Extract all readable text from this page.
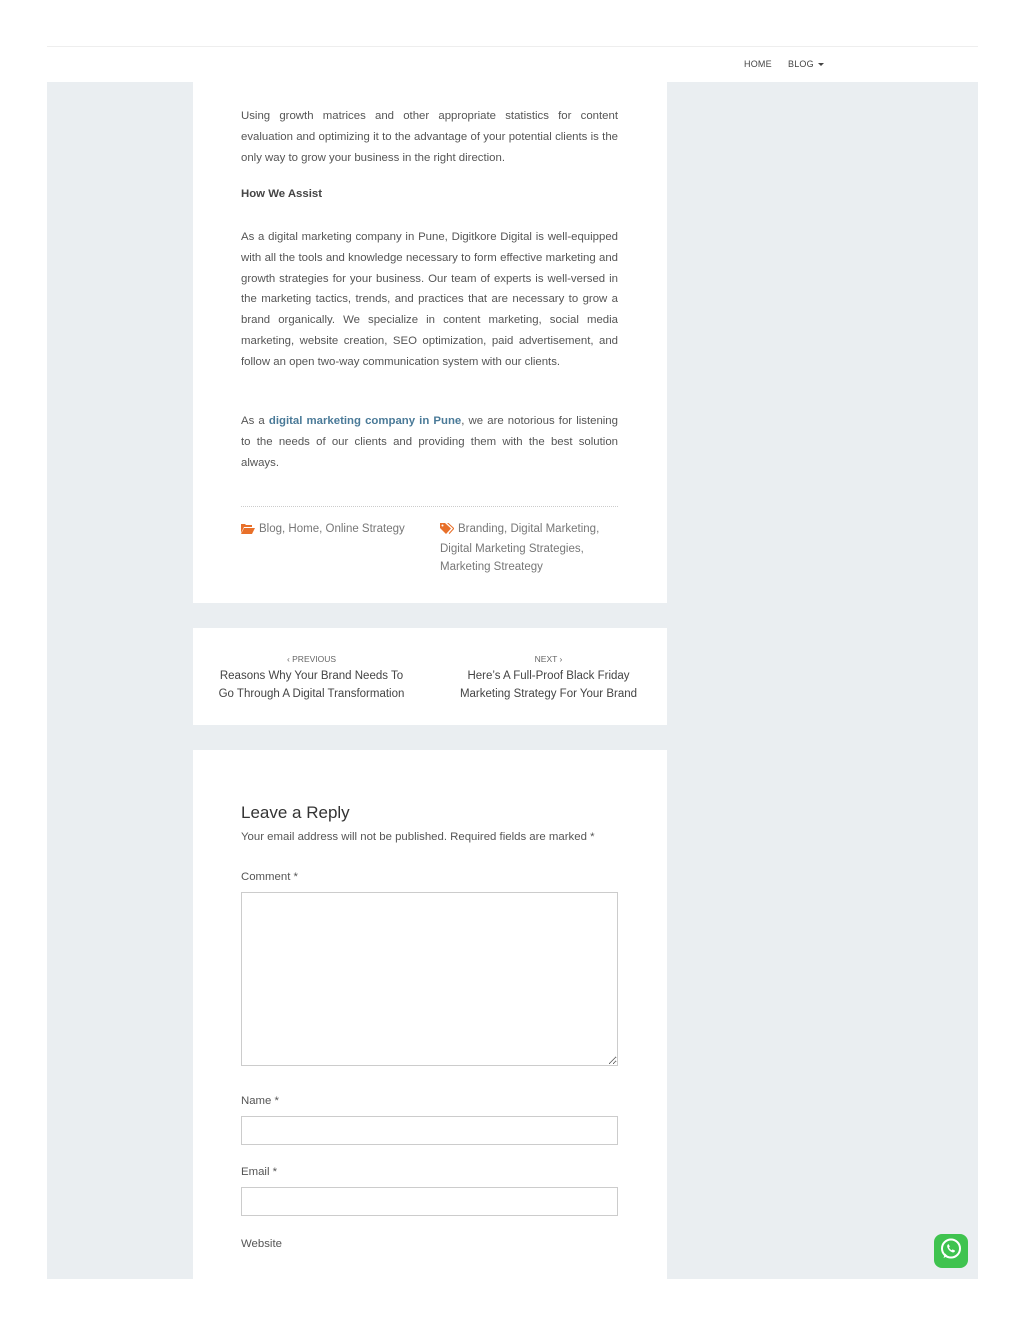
Using growth matrices and other appropriate statistics for content evaluation and optimizing it to the advantage of your potential clients is the only way to grow your business in the right direction.

How We Assist

As a digital marketing company in Pune, Digitkore Digital is well-equipped with all the tools and knowledge necessary to form effective marketing and growth strategies for your business. Our team of experts is well-versed in the marketing tactics, trends, and practices that are necessary to grow a brand organically. We specialize in content marketing, social media marketing, website creation, SEO optimization, paid advertisement, and follow an open two-way communication system with our clients.

As a digital marketing company in Pune, we are notorious for listening to the needs of our clients and providing them with the best solution always.

Blog, Home, Online Strategy	Branding, Digital Marketing,
Digital Marketing Strategies,
Marketing Streategy
‹ PREVIOUS
Reasons Why Your Brand Needs To Go Through A Digital Transformation
NEXT ›
Here’s A Full-Proof Black Friday Marketing Strategy For Your Brand
Leave a Reply
Your email address will not be published. Required fields are marked *
Comment *
Name *
Email *
Website
HOME BLOG
